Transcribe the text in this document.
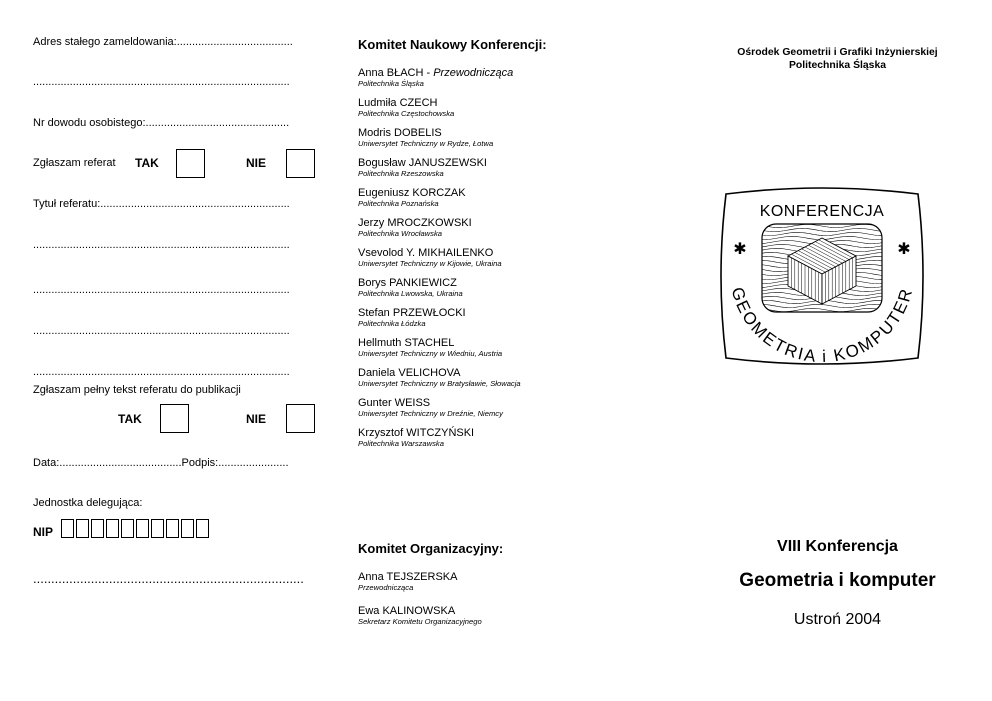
Adres stałego zameldowania:......................................
....................................................................................
Nr dowodu osobistego:...............................................
Zgłaszam referat TAK	NIE
Tytuł referatu:..............................................................
....................................................................................
....................................................................................
....................................................................................
....................................................................................
Zgłaszam pełny tekst referatu do publikacji
TAK	NIE
Data:........................................Podpis:.......................
Jednostka delegująca:
NIP
...........................................................................
Komitet Naukowy Konferencji:
Anna BŁACH - Przewodnicząca
Politechnika Śląska
Ludmiła CZECH
Politechnika Częstochowska
Modris DOBELIS
Uniwersytet Techniczny w Rydze, Łotwa
Bogusław JANUSZEWSKI
Politechnika Rzeszowska
Eugeniusz KORCZAK
Politechnika Poznańska
Jerzy MROCZKOWSKI
Politechnika Wrocławska
Vsevolod Y. MIKHAILENKO
Uniwersytet Techniczny w Kijowie, Ukraina
Borys PANKIEWICZ
Politechnika Lwowska, Ukraina
Stefan PRZEWŁOCKI
Politechnika Łódzka
Hellmuth STACHEL
Uniwersytet Techniczny w Wiedniu, Austria
Daniela VELICHOVA
Uniwersytet Techniczny w Bratysławie, Słowacja
Gunter WEISS
Uniwersytet Techniczny w Dreźnie, Niemcy
Krzysztof WITCZYŃSKI
Politechnika Warszawska
Komitet Organizacyjny:
Anna TEJSZERSKA
Przewodnicząca
Ewa KALINOWSKA
Sekretarz Komitetu Organizacyjnego
Ośrodek Geometrii i Grafiki Inżynierskiej
Politechnika Śląska
✱	✱
KONFERENCJA
GEOMETRIA i KOMPUTER
VIII Konferencja
Geometria i komputer
Ustroń 2004
